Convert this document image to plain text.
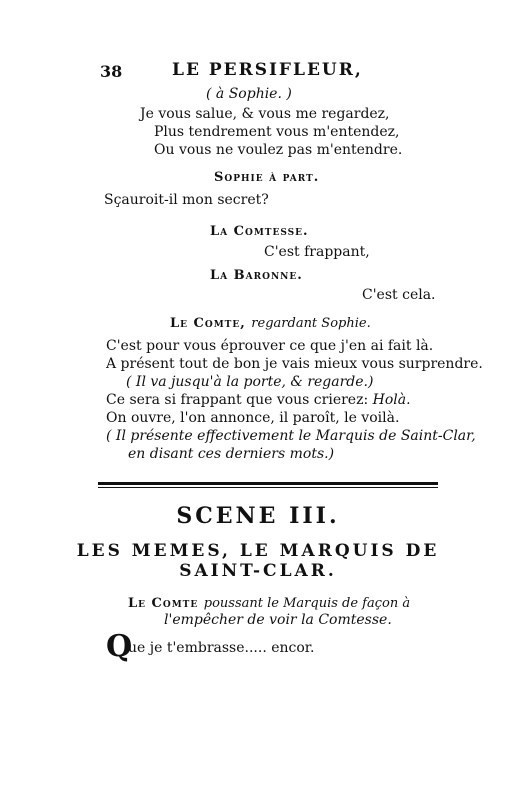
38	LE PERSIFLEUR,
( à Sophie. )
Je vous salue, & vous me regardez,
Plus tendrement vous m'entendez,
Ou vous ne voulez pas m'entendre.
Sophie à part.
Sçauroit-il mon secret?
La Comtesse.
C'est frappant,
La Baronne.
C'est cela.
Le Comte, regardant Sophie.
C'est pour vous éprouver ce que j'en ai fait là.
A présent tout de bon je vais mieux vous surprendre.
( Il va jusqu'à la porte, & regarde.)
Ce sera si frappant que vous crierez: Holà.
On ouvre, l'on annonce, il paroît, le voilà.
( Il présente effectivement le Marquis de Saint-Clar,
en disant ces derniers mots.)
SCENE III.
LES MEMES, LE MARQUIS DE
SAINT-CLAR.
Le Comte poussant le Marquis de façon à
l'empêcher de voir la Comtesse.
Q
ue je t'embrasse..... encor.
